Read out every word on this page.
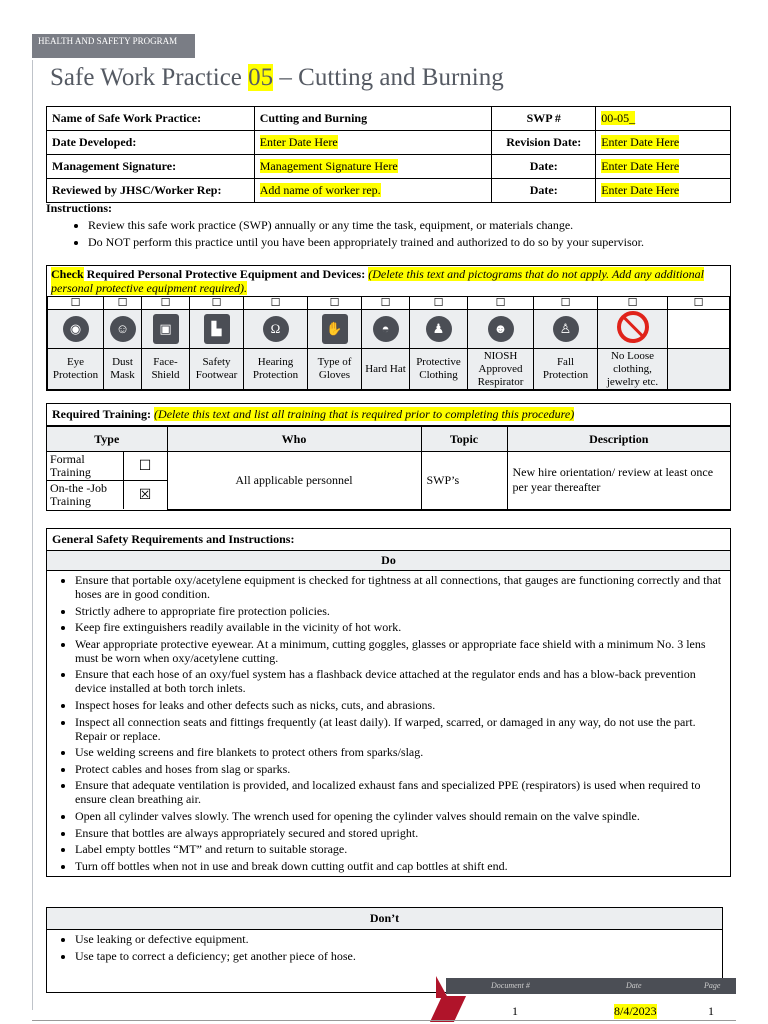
HEALTH AND SAFETY PROGRAM
Safe Work Practice 05 – Cutting and Burning
Name of Safe Work Practice:	Cutting and Burning	SWP #	00-05_
Date Developed:	Enter Date Here	Revision Date:	Enter Date Here
Management Signature:	Management Signature Here	Date:	Enter Date Here
Reviewed by JHSC/Worker Rep:	Add name of worker rep.	Date:	Enter Date Here
Instructions:
• Review this safe work practice (SWP) annually or any time the task, equipment, or materials change.
• Do NOT perform this practice until you have been appropriately trained and authorized to do so by your supervisor.
Check Required Personal Protective Equipment and Devices: (Delete this text and pictograms that do not apply. Add any additional personal protective equipment required).
☐	☐	☐	☐	☐	☐	☐	☐	☐	☐	☐	☐
◉	☺	▣	▙	Ω	✋	◓	♟	☻	♙		
Eye Protection	Dust Mask	Face-Shield	Safety Footwear	Hearing Protection	Type of Gloves	Hard Hat	Protective Clothing	NIOSH Approved Respirator	Fall Protection	No Loose clothing, jewelry etc.	
Required Training: (Delete this text and list all training that is required prior to completing this procedure)
Type		Who	Topic	Description
Formal Training	☐	All applicable personnel	SWP’s	New hire orientation/ review at least once per year thereafter
On-the -Job Training	☒			
General Safety Requirements and Instructions:
Do
• Ensure that portable oxy/acetylene equipment is checked for tightness at all connections, that gauges are functioning correctly and that hoses are in good condition.
• Strictly adhere to appropriate fire protection policies.
• Keep fire extinguishers readily available in the vicinity of hot work.
• Wear appropriate protective eyewear. At a minimum, cutting goggles, glasses or appropriate face shield with a minimum No. 3 lens must be worn when oxy/acetylene cutting.
• Ensure that each hose of an oxy/fuel system has a flashback device attached at the regulator ends and has a blow-back prevention device installed at both torch inlets.
• Inspect hoses for leaks and other defects such as nicks, cuts, and abrasions.
• Inspect all connection seats and fittings frequently (at least daily). If warped, scarred, or damaged in any way, do not use the part. Repair or replace.
• Use welding screens and fire blankets to protect others from sparks/slag.
• Protect cables and hoses from slag or sparks.
• Ensure that adequate ventilation is provided, and localized exhaust fans and specialized PPE (respirators) is used when required to ensure clean breathing air.
• Open all cylinder valves slowly. The wrench used for opening the cylinder valves should remain on the valve spindle.
• Ensure that bottles are always appropriately secured and stored upright.
• Label empty bottles “MT” and return to suitable storage.
• Turn off bottles when not in use and break down cutting outfit and cap bottles at shift end.
Don’t
• Use leaking or defective equipment.
• Use tape to correct a deficiency; get another piece of hose.
Document #	Date	Page
1	8/4/2023	1
